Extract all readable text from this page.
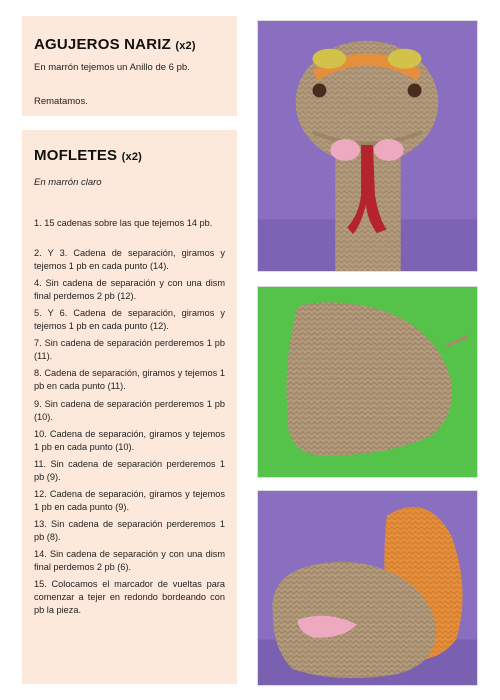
AGUJEROS NARIZ (x2)
En marrón tejemos un Anillo de 6 pb.
Rematamos.
MOFLETES (x2)
En marrón claro
1. 15 cadenas sobre las que tejemos 14 pb.
2. Y 3. Cadena de separación, giramos y tejemos 1 pb en cada punto (14).
4. Sin cadena de separación y con una dism final perdemos 2 pb (12).
5. Y 6. Cadena de separación, giramos y tejemos 1 pb en cada punto (12).
7. Sin cadena de separación perderemos 1 pb (11).
8. Cadena de separación, giramos y tejemos 1 pb en cada punto (11).
9. Sin cadena de separación perderemos 1 pb (10).
10. Cadena de separación, giramos y tejemos 1 pb en cada punto (10).
11. Sin cadena de separación perderemos 1 pb (9).
12. Cadena de separación, giramos y tejemos 1 pb en cada punto (9).
13. Sin cadena de separación perderemos 1 pb (8).
14. Sin cadena de separación y con una dism final perdemos 2 pb (6).
15. Colocamos el marcador de vueltas para comenzar a tejer en redondo bordeando con pb la pieza.
